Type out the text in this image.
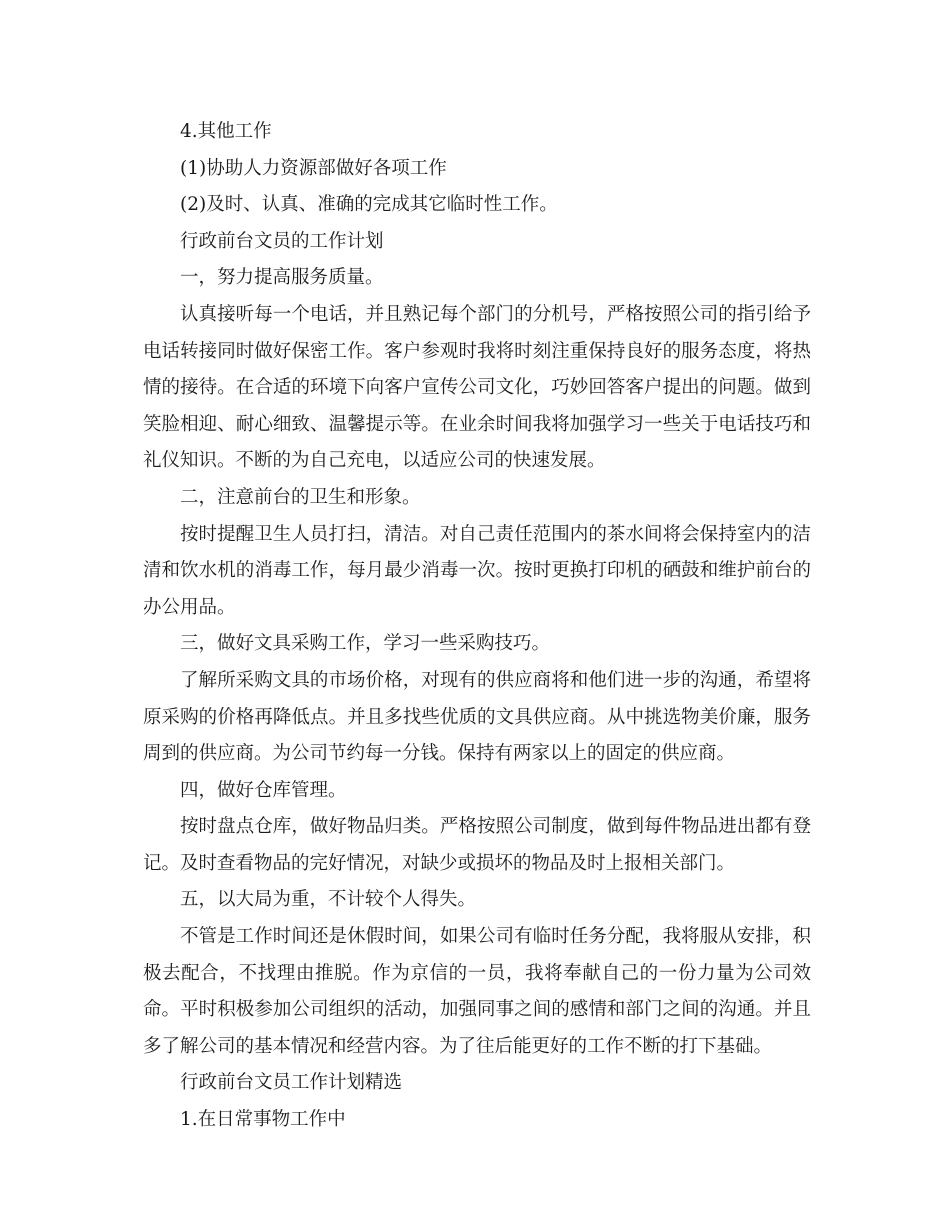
4.其他工作

(1)协助人力资源部做好各项工作

(2)及时、认真、准确的完成其它临时性工作。

行政前台文员的工作计划

一，努力提高服务质量。

认真接听每一个电话，并且熟记每个部门的分机号，严格按照公司的指引给予电话转接同时做好保密工作。客户参观时我将时刻注重保持良好的服务态度，将热情的接待。在合适的环境下向客户宣传公司文化，巧妙回答客户提出的问题。做到笑脸相迎、耐心细致、温馨提示等。在业余时间我将加强学习一些关于电话技巧和礼仪知识。不断的为自己充电，以适应公司的快速发展。

二，注意前台的卫生和形象。

按时提醒卫生人员打扫，清洁。对自己责任范围内的茶水间将会保持室内的洁清和饮水机的消毒工作，每月最少消毒一次。按时更换打印机的硒鼓和维护前台的办公用品。

三，做好文具采购工作，学习一些采购技巧。

了解所采购文具的市场价格，对现有的供应商将和他们进一步的沟通，希望将原采购的价格再降低点。并且多找些优质的文具供应商。从中挑选物美价廉，服务周到的供应商。为公司节约每一分钱。保持有两家以上的固定的供应商。

四，做好仓库管理。

按时盘点仓库，做好物品归类。严格按照公司制度，做到每件物品进出都有登记。及时查看物品的完好情况，对缺少或损坏的物品及时上报相关部门。

五，以大局为重，不计较个人得失。

不管是工作时间还是休假时间，如果公司有临时任务分配，我将服从安排，积极去配合，不找理由推脱。作为京信的一员，我将奉献自己的一份力量为公司效命。平时积极参加公司组织的活动，加强同事之间的感情和部门之间的沟通。并且多了解公司的基本情况和经营内容。为了往后能更好的工作不断的打下基础。

行政前台文员工作计划精选

1.在日常事物工作中
